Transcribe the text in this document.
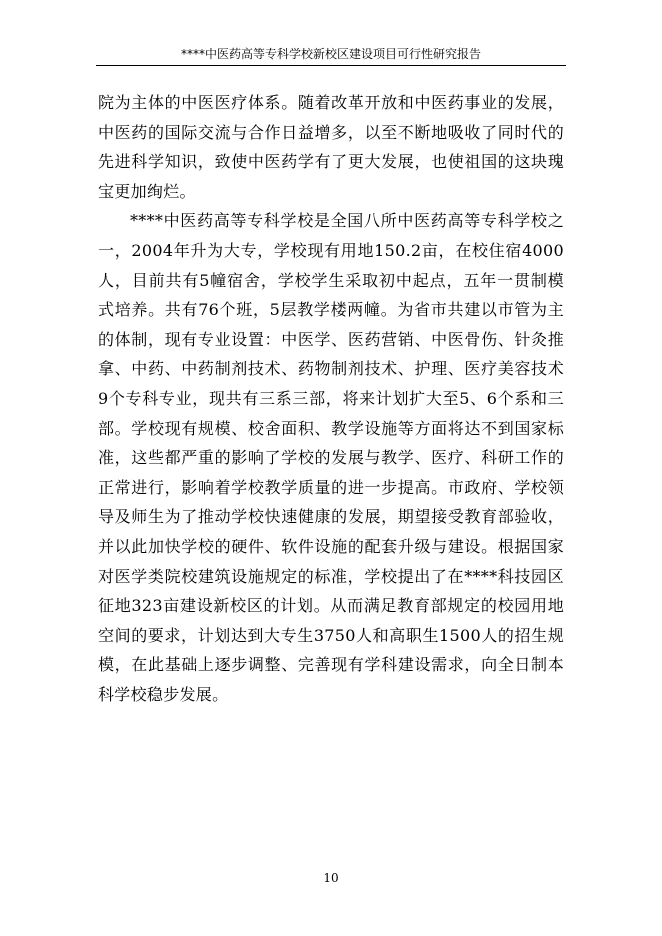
****中医药高等专科学校新校区建设项目可行性研究报告

院为主体的中医医疗体系。随着改革开放和中医药事业的发展，中医药的国际交流与合作日益增多，以至不断地吸收了同时代的先进科学知识，致使中医药学有了更大发展，也使祖国的这块瑰宝更加绚烂。

****中医药高等专科学校是全国八所中医药高等专科学校之一，2004年升为大专，学校现有用地150.2亩，在校住宿4000人，目前共有5幢宿舍，学校学生采取初中起点，五年一贯制模式培养。共有76个班，5层教学楼两幢。为省市共建以市管为主的体制，现有专业设置：中医学、医药营销、中医骨伤、针灸推拿、中药、中药制剂技术、药物制剂技术、护理、医疗美容技术9个专科专业，现共有三系三部，将来计划扩大至5、6个系和三部。学校现有规模、校舍面积、教学设施等方面将达不到国家标准，这些都严重的影响了学校的发展与教学、医疗、科研工作的正常进行，影响着学校教学质量的进一步提高。市政府、学校领导及师生为了推动学校快速健康的发展，期望接受教育部验收，并以此加快学校的硬件、软件设施的配套升级与建设。根据国家对医学类院校建筑设施规定的标准，学校提出了在****科技园区征地323亩建设新校区的计划。从而满足教育部规定的校园用地空间的要求，计划达到大专生3750人和高职生1500人的招生规模，在此基础上逐步调整、完善现有学科建设需求，向全日制本科学校稳步发展。

10
